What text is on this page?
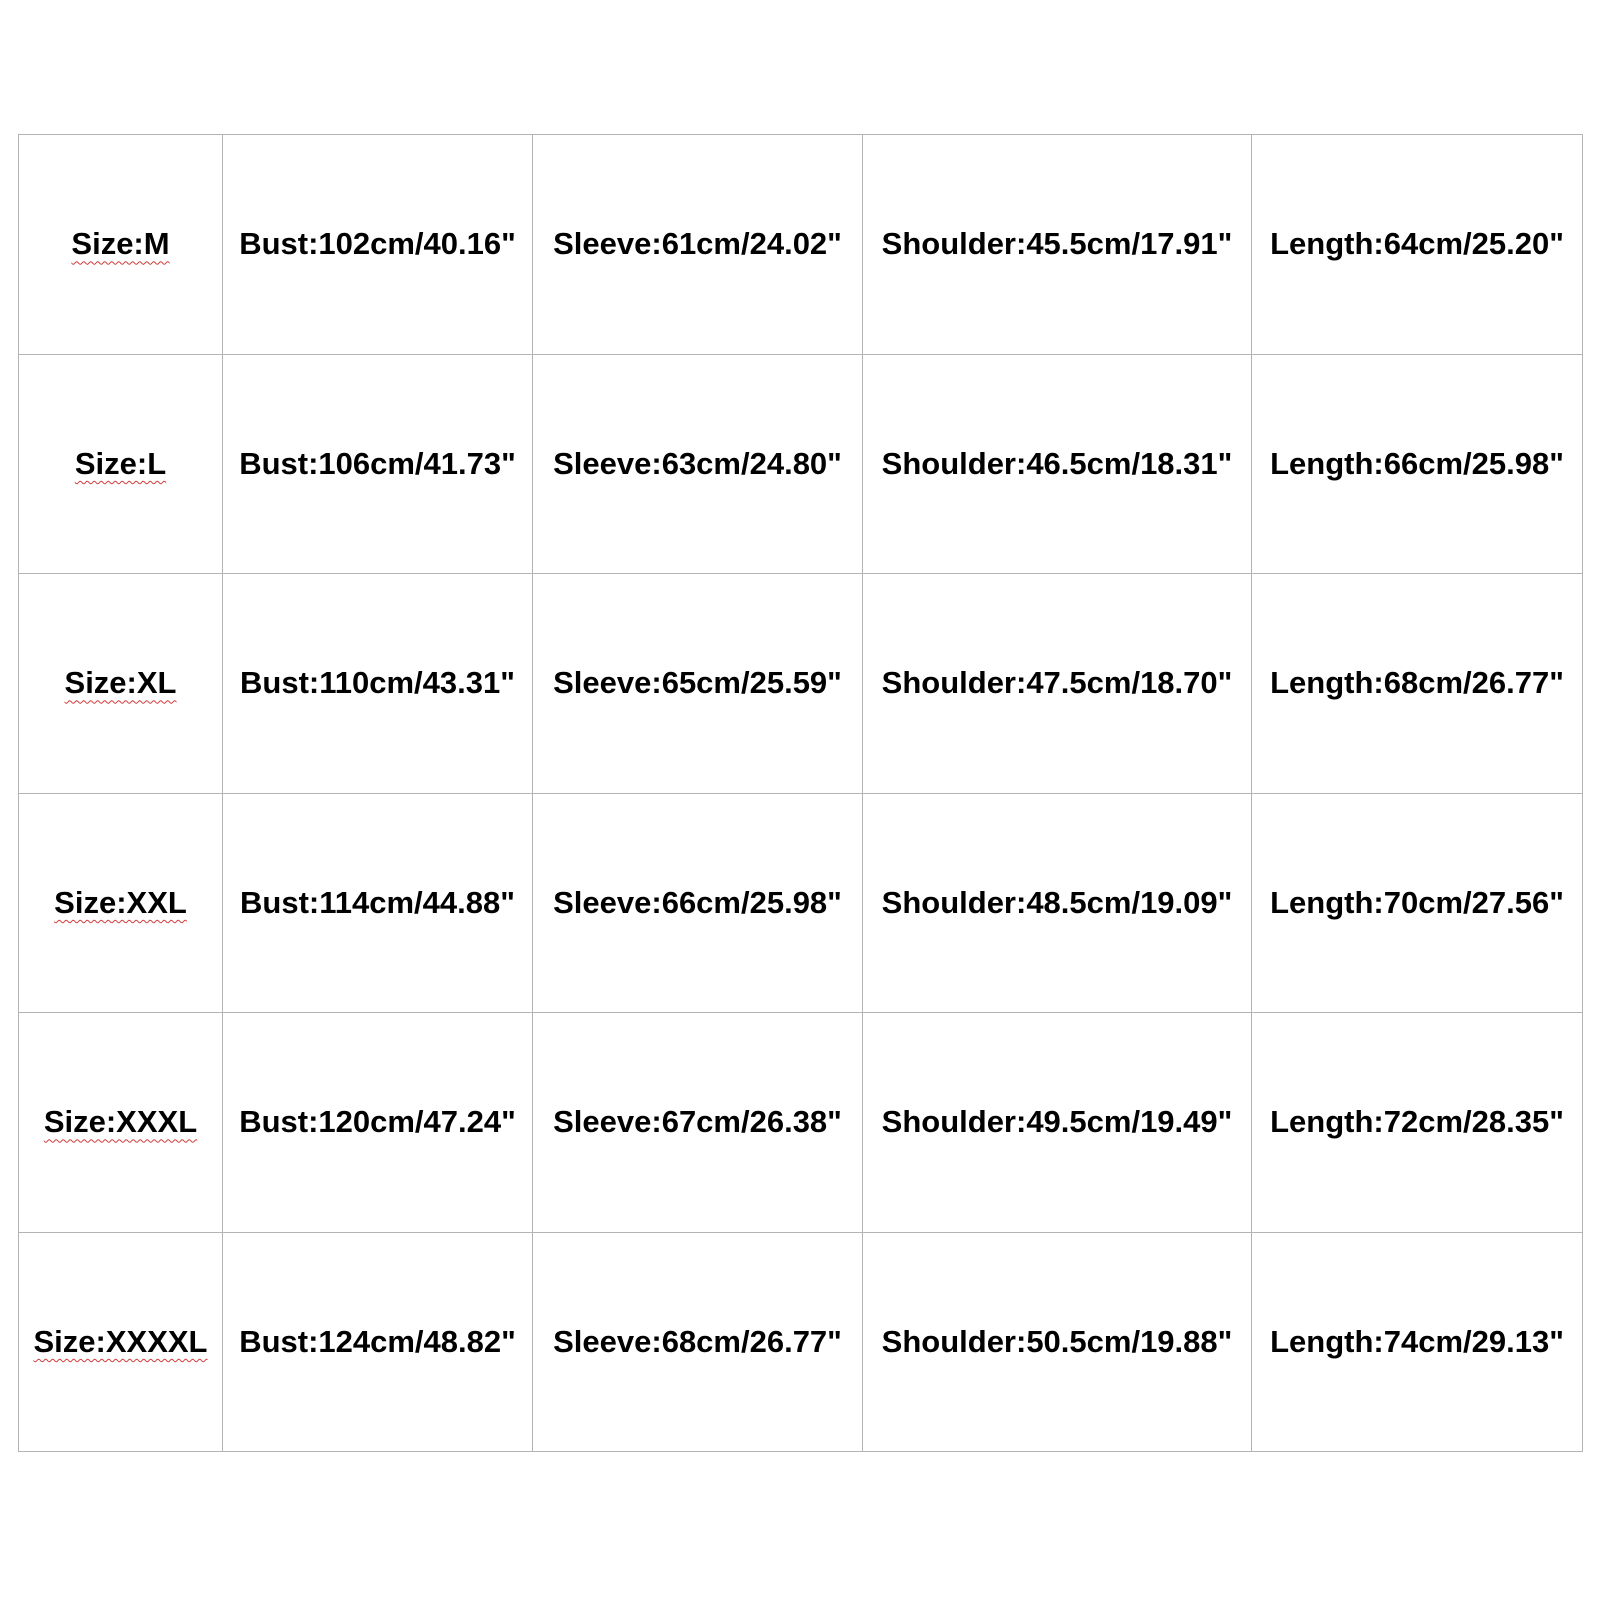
Size:M	Bust:102cm/40.16"	Sleeve:61cm/24.02"	Shoulder:45.5cm/17.91"	Length:64cm/25.20"
Size:L	Bust:106cm/41.73"	Sleeve:63cm/24.80"	Shoulder:46.5cm/18.31"	Length:66cm/25.98"
Size:XL	Bust:110cm/43.31"	Sleeve:65cm/25.59"	Shoulder:47.5cm/18.70"	Length:68cm/26.77"
Size:XXL	Bust:114cm/44.88"	Sleeve:66cm/25.98"	Shoulder:48.5cm/19.09"	Length:70cm/27.56"
Size:XXXL	Bust:120cm/47.24"	Sleeve:67cm/26.38"	Shoulder:49.5cm/19.49"	Length:72cm/28.35"
Size:XXXXL	Bust:124cm/48.82"	Sleeve:68cm/26.77"	Shoulder:50.5cm/19.88"	Length:74cm/29.13"
